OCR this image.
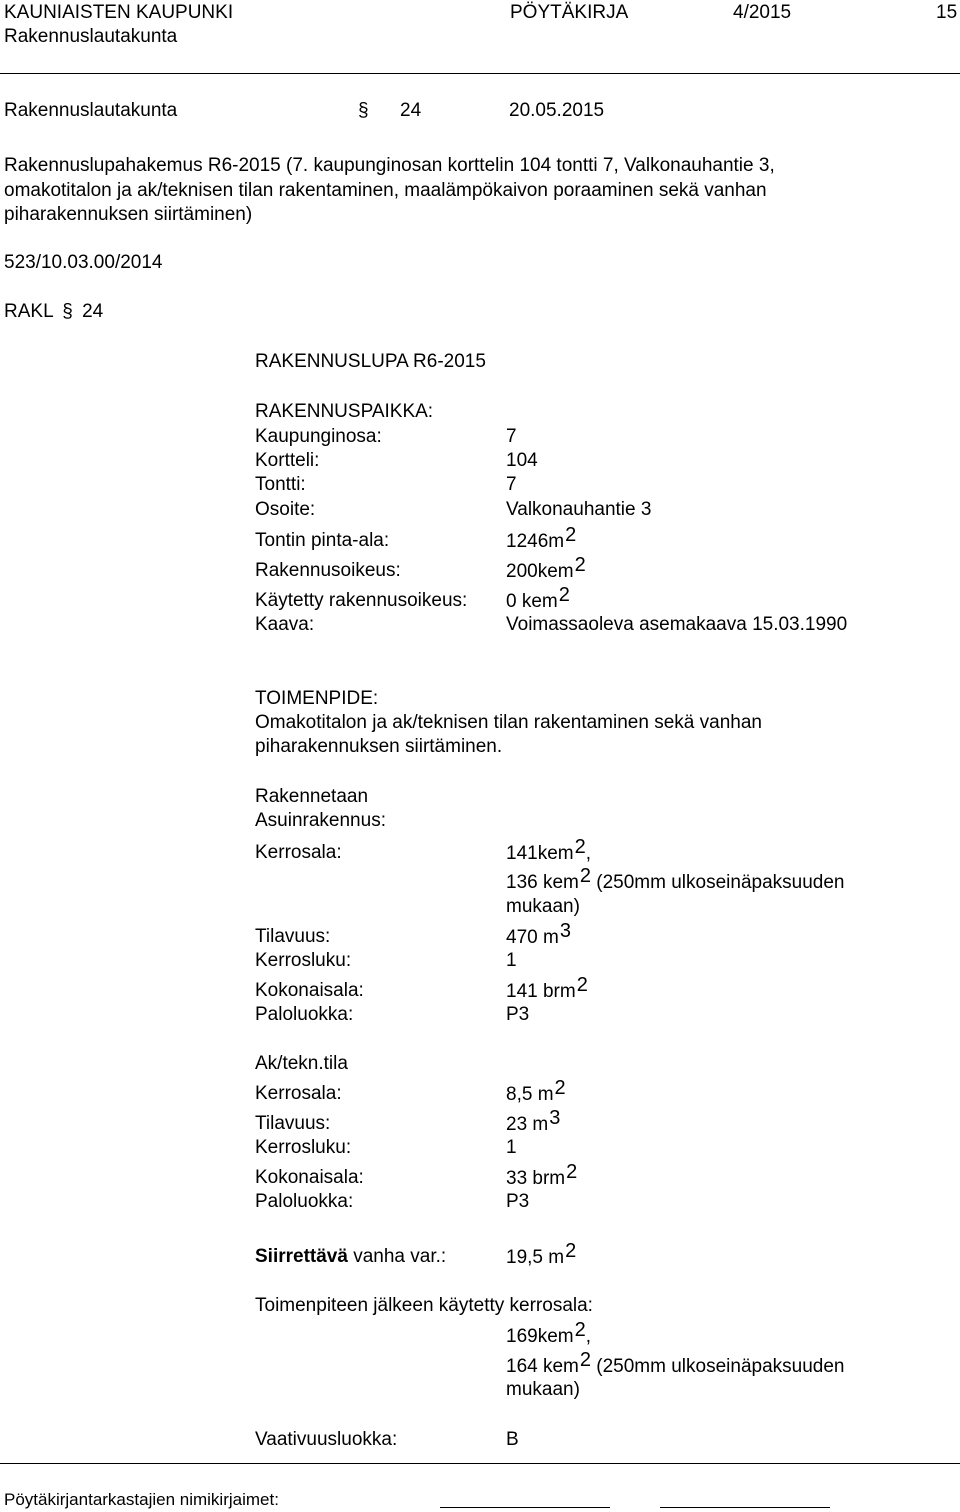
KAUNIAISTEN KAUPUNKI
Rakennuslautakunta
PÖYTÄKIRJA	4/2015	15
Rakennuslautakunta	§ 24	20.05.2015
Rakennuslupahakemus R6-2015 (7. kaupunginosan korttelin 104 tontti 7, Valkonauhantie 3,
omakotitalon ja ak/teknisen tilan rakentaminen, maalämpökaivon poraaminen sekä vanhan
piharakennuksen siirtäminen)
523/10.03.00/2014
RAKL § 24
RAKENNUSLUPA R6-2015
RAKENNUSPAIKKA:
Kaupunginosa:	7
Kortteli:	104
Tontti:	7
Osoite:	Valkonauhantie 3
Tontin pinta-ala:	1246m2
Rakennusoikeus:	200kem2
Käytetty rakennusoikeus: 0 kem2
Kaava:	Voimassaoleva asemakaava 15.03.1990
TOIMENPIDE:
Omakotitalon ja ak/teknisen tilan rakentaminen sekä vanhan
piharakennuksen siirtäminen.
Rakennetaan
Asuinrakennus:
Kerrosala:	141kem2,
136 kem2 (250mm ulkoseinäpaksuuden
mukaan)
Tilavuus:	470 m3
Kerrosluku:	1
Kokonaisala:	141 brm2
Paloluokka:	P3
Ak/tekn.tila
Kerrosala:	8,5 m2
Tilavuus:	23 m3
Kerrosluku:	1
Kokonaisala:	33 brm2
Paloluokka:	P3
Siirrettävä vanha var.:	19,5 m2
Toimenpiteen jälkeen käytetty kerrosala:
169kem2,
164 kem2 (250mm ulkoseinäpaksuuden
mukaan)
Vaativuusluokka:	B
Pöytäkirjantarkastajien nimikirjaimet:
